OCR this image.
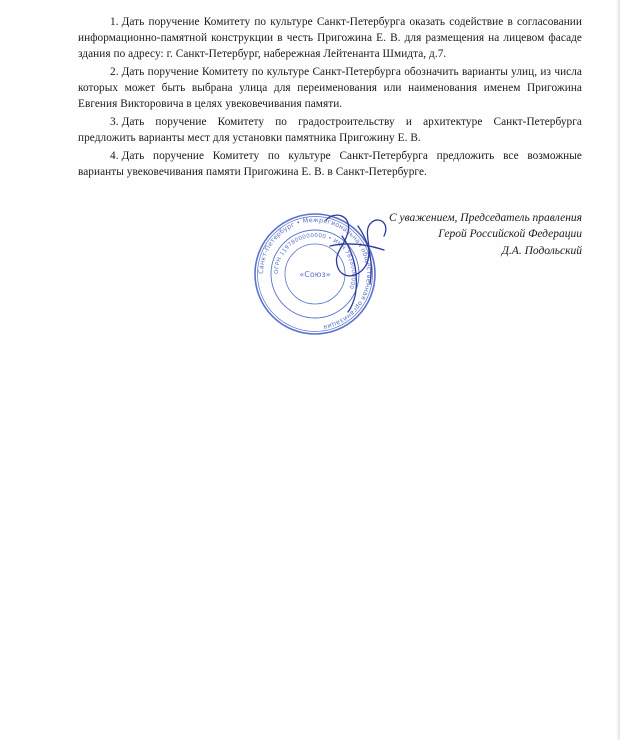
1. Дать поручение Комитету по культуре Санкт-Петербурга оказать содействие в согласовании информационно-памятной конструкции в честь Пригожина Е. В. для размещения на лицевом фасаде здания по адресу: г. Санкт-Петербург, набережная Лейтенанта Шмидта, д.7.

2. Дать поручение Комитету по культуре Санкт-Петербурга обозначить варианты улиц, из числа которых может быть выбрана улица для переименования или наименования именем Пригожина Евгения Викторовича в целях увековечивания памяти.

3. Дать поручение Комитету по градостроительству и архитектуре Санкт-Петербурга предложить варианты мест для установки памятника Пригожину Е. В.

4. Дать поручение Комитету по культуре Санкт-Петербурга предложить все возможные варианты увековечивания памяти Пригожина Е. В. в Санкт-Петербурге.

Санкт-Петербург • Межрегиональная общественная организация
ОГРН 1197800000000 • ИНН 7838000000
«Союз»
С уважением, Председатель правления
Герой Российской Федерации
Д.А. Подольский
